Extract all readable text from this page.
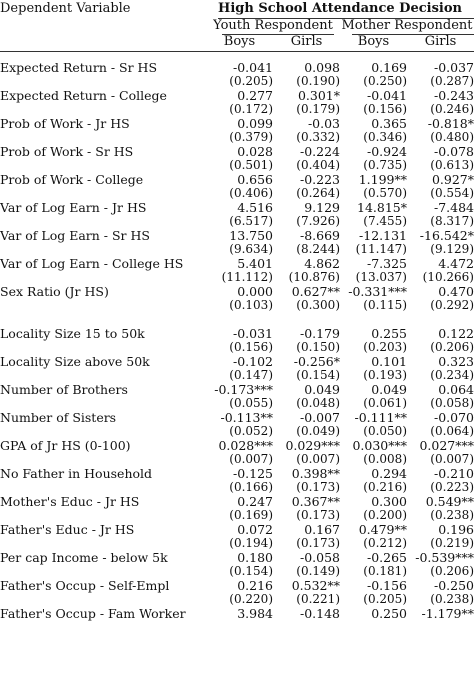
Dependent Variable	High School Attendance Decision
Youth Respondent Mother Respondent
Boys	Girls	Boys	Girls
Expected Return - Sr HS	-0.041	0.098	0.169	-0.037
	(0.205)	(0.190)	(0.250)	(0.287)
Expected Return - College	0.277	0.301*	-0.041	-0.243
	(0.172)	(0.179)	(0.156)	(0.246)
Prob of Work - Jr HS	0.099	-0.03	0.365	-0.818*
	(0.379)	(0.332)	(0.346)	(0.480)
Prob of Work - Sr HS	0.028	-0.224	-0.924	-0.078
	(0.501)	(0.404)	(0.735)	(0.613)
Prob of Work - College	0.656	-0.223	1.199**	0.927*
	(0.406)	(0.264)	(0.570)	(0.554)
Var of Log Earn - Jr HS	4.516	9.129	14.815*	-7.484
	(6.517)	(7.926)	(7.455)	(8.317)
Var of Log Earn - Sr HS	13.750	-8.669	-12.131	-16.542*
	(9.634)	(8.244)	(11.147)	(9.129)
Var of Log Earn - College HS	5.401	4.862	-7.325	4.472
	(11.112)	(10.876)	(13.037)	(10.266)
Sex Ratio (Jr HS)	0.000	0.627**	-0.331***	0.470
	(0.103)	(0.300)	(0.115)	(0.292)

Locality Size 15 to 50k	-0.031	-0.179	0.255	0.122
	(0.156)	(0.150)	(0.203)	(0.206)
Locality Size above 50k	-0.102	-0.256*	0.101	0.323
	(0.147)	(0.154)	(0.193)	(0.234)
Number of Brothers	-0.173***	0.049	0.049	0.064
	(0.055)	(0.048)	(0.061)	(0.058)
Number of Sisters	-0.113**	-0.007	-0.111**	-0.070
	(0.052)	(0.049)	(0.050)	(0.064)
GPA of Jr HS (0-100)	0.028***	0.029***	0.030***	0.027***
	(0.007)	(0.007)	(0.008)	(0.007)
No Father in Household	-0.125	0.398**	0.294	-0.210
	(0.166)	(0.173)	(0.216)	(0.223)
Mother's Educ - Jr HS	0.247	0.367**	0.300	0.549**
	(0.169)	(0.173)	(0.200)	(0.238)
Father's Educ - Jr HS	0.072	0.167	0.479**	0.196
	(0.194)	(0.173)	(0.212)	(0.219)
Per cap Income - below 5k	0.180	-0.058	-0.265	-0.539***
	(0.154)	(0.149)	(0.181)	(0.206)
Father's Occup - Self-Empl	0.216	0.532**	-0.156	-0.250
	(0.220)	(0.221)	(0.205)	(0.238)
Father's Occup - Fam Worker	3.984	-0.148	0.250	-1.179**
